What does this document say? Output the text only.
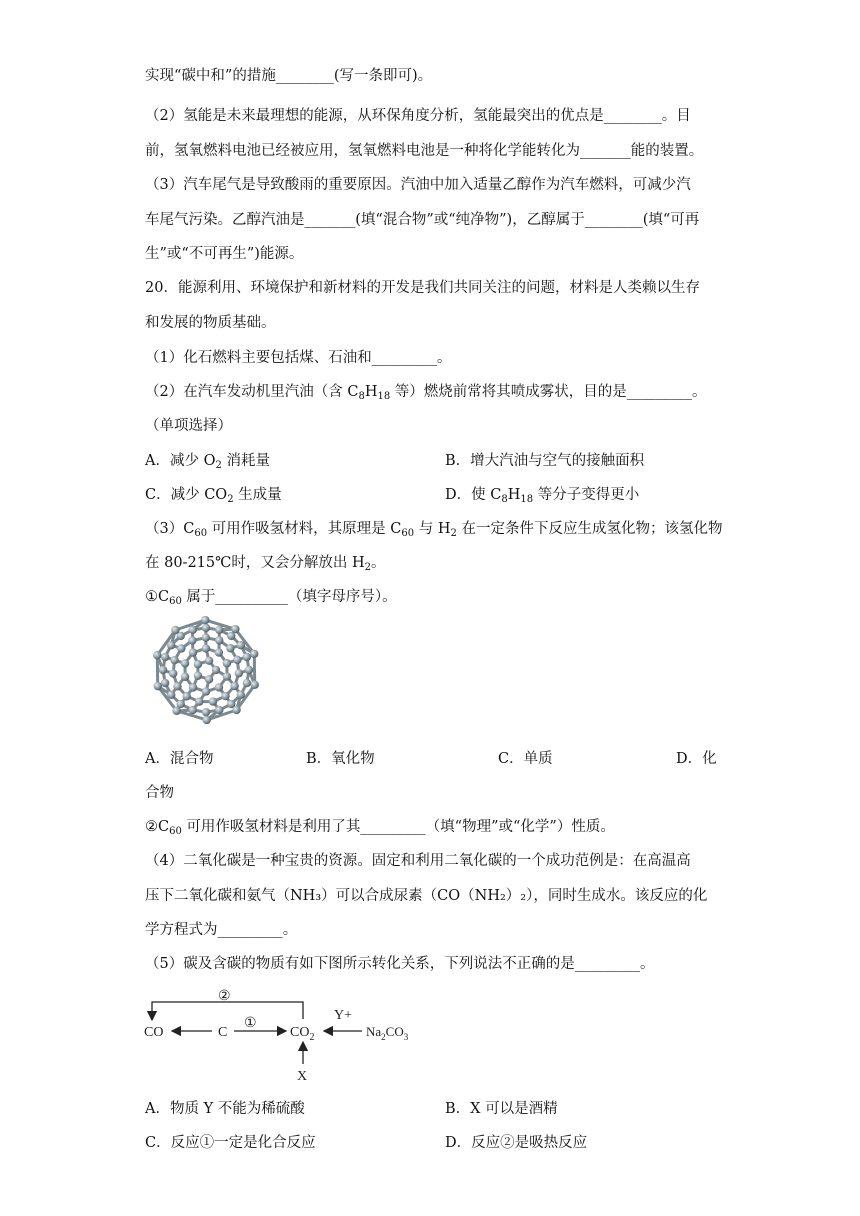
实现“碳中和”的措施________(写一条即可)。
（2）氢能是未来最理想的能源，从环保角度分析，氢能最突出的优点是________。目
前，氢氧燃料电池已经被应用，氢氧燃料电池是一种将化学能转化为_______能的装置。
（3）汽车尾气是导致酸雨的重要原因。汽油中加入适量乙醇作为汽车燃料，可减少汽
车尾气污染。乙醇汽油是_______(填“混合物”或“纯净物”)，乙醇属于________(填“可再
生”或“不可再生”)能源。
20．能源利用、环境保护和新材料的开发是我们共同关注的问题，材料是人类赖以生存
和发展的物质基础。
（1）化石燃料主要包括煤、石油和_________。
（2）在汽车发动机里汽油（含 $C_8H_{18}$ 等）燃烧前常将其喷成雾状，目的是_________。
（单项选择）
A．减少 $O_2$ 消耗量	B．增大汽油与空气的接触面积
C．减少 $CO_2$ 生成量	D．使 $C_8H_{18}$ 等分子变得更小
$(3)C_{60}$ 可用作吸氢材料，其原理是 $C_{60}$ 与 $H_2$ 在一定条件下反应生成氢化物；该氢化物
在 80-215℃时，又会分解放出 $H_2$。
$①C_{60}$ 属于__________（填字母序号）。
A．混合物	B．氧化物	C．单质	D．化
合物
$②C_{60}$ 可用作吸氢材料是利用了其_________（填“物理”或“化学”）性质。
（4）二氧化碳是一种宝贵的资源。固定和利用二氧化碳的一个成功范例是：在高温高
压下二氧化碳和氨气（NH₃）可以合成尿素（CO（NH₂）₂），同时生成水。该反应的化
学方程式为_________。
（5）碳及含碳的物质有如下图所示转化关系，下列说法不正确的是_________。
②
CO	C
①
$CO_2$
Y+
$Na_2CO_3$
X
A．物质 Y 不能为稀硫酸	B．X 可以是酒精
C．反应①一定是化合反应	D．反应②是吸热反应
